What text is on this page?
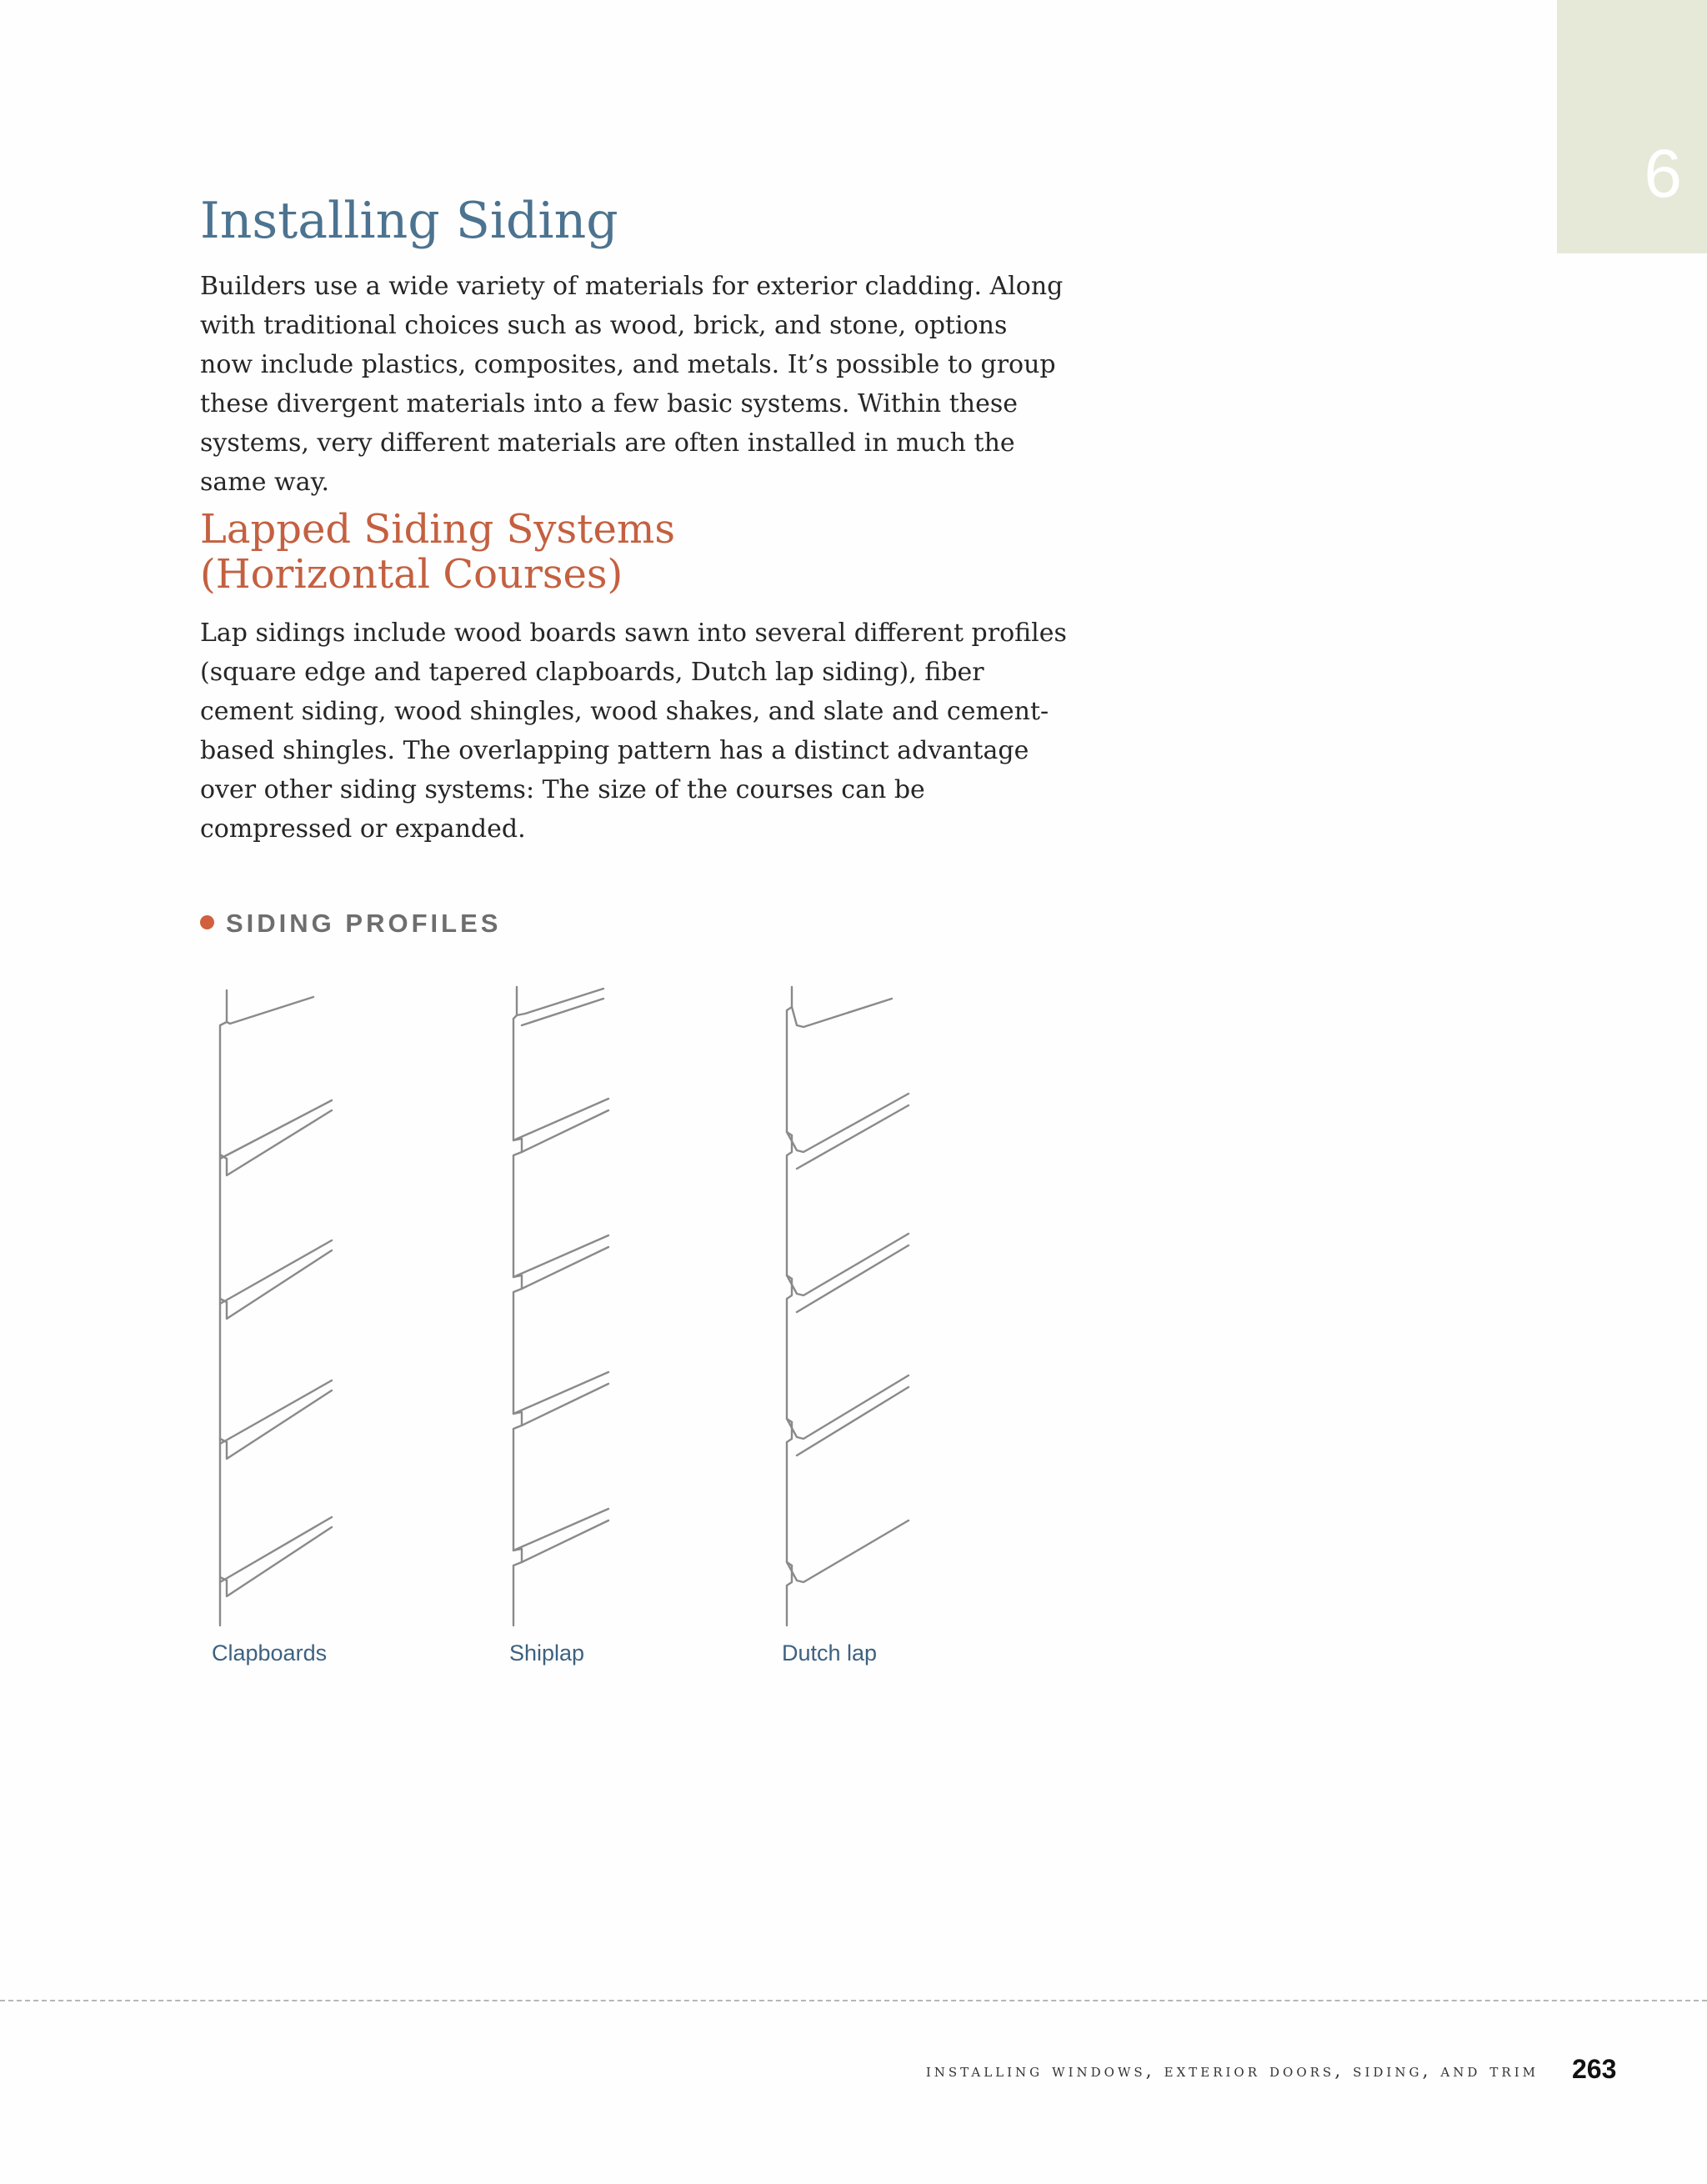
6
Installing Siding

Builders use a wide variety of materials for exterior cladding. Along with traditional choices such as wood, brick, and stone, options now include plastics, composites, and metals. It’s possible to group these divergent materials into a few basic systems. Within these systems, very different materials are often installed in much the same way.

Lapped Siding Systems (Horizontal Courses)

Lap sidings include wood boards sawn into several different profiles (square edge and tapered clapboards, Dutch lap siding), fiber cement siding, wood shingles, wood shakes, and slate and cement-based shingles. The overlapping pattern has a distinct advantage over other siding systems: The size of the courses can be compressed or expanded.

SIDING PROFILES
Clapboards	Shiplap	Dutch lap
installing windows, exterior doors, siding, and trim 263
